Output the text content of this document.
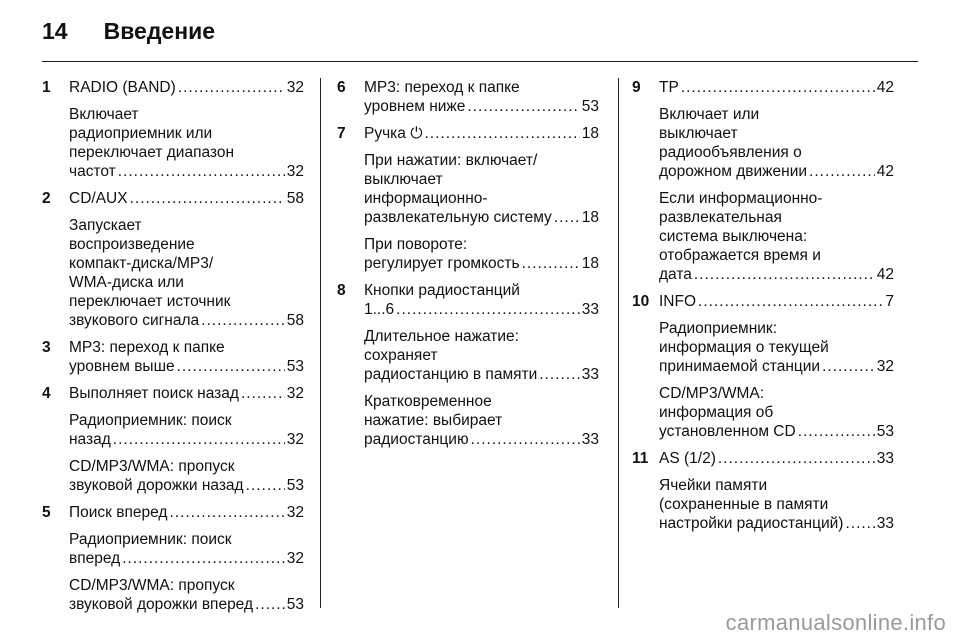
14 Введение
1 RADIO (BAND) .....	32
Включает
радиоприемник или
переключает диапазон
частот .....	32
2 CD/AUX .....	58
Запускает
воспроизведение
компакт-диска/MP3/
WMA-диска или
переключает источник
звукового сигнала .....	58
3 MP3: переход к папке
уровнем выше .....	53
4 Выполняет поиск назад .....	32
Радиоприемник: поиск
назад .....	32
CD/MP3/WMA: пропуск
звуковой дорожки назад .....	53
5 Поиск вперед .....	32
Радиоприемник: поиск
вперед .....	32
CD/MP3/WMA: пропуск
звуковой дорожки вперед ..... 53
6 MP3: переход к папке
уровнем ниже .....	53
7 Ручка ⏻ .....	18
При нажатии: включает/
выключает
информационно-
развлекательную систему ..... 18
При повороте:
регулирует громкость .....	18
8 Кнопки радиостанций
1...6 .....	33
Длительное нажатие:
сохраняет
радиостанцию в памяти .....	33
Кратковременное
нажатие: выбирает
радиостанцию .....	33
9 TP .....	42
Включает или
выключает
радиообъявления о
дорожном движении .....	42
Если информационно-
развлекательная
система выключена:
отображается время и
дата .....	42
10 INFO .....	7
Радиоприемник:
информация о текущей
принимаемой станции .....	32
CD/MP3/WMA:
информация об
установленном CD .....	53
11 AS (1/2) .....	33
Ячейки памяти
(сохраненные в памяти
настройки радиостанций) ..... 33
carmanualsonline.info
